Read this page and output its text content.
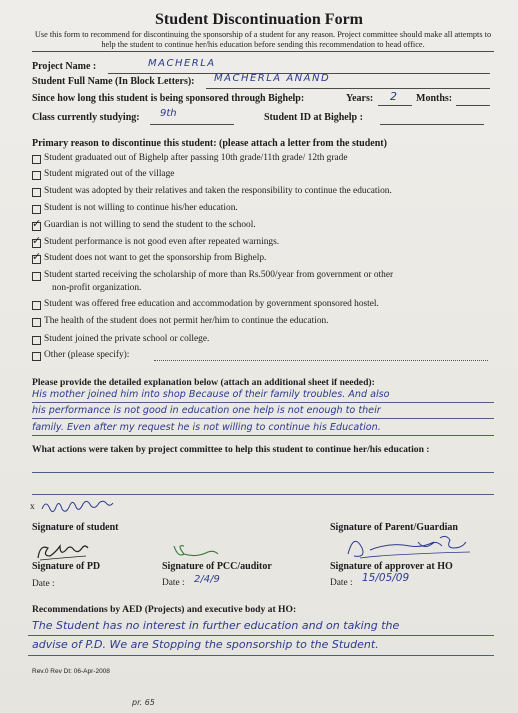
Student Discontinuation Form
Use this form to recommend for discontinuing the sponsorship of a student for any reason. Project committee should make all attempts to help the student to continue her/his education before sending this recommendation to head office.
Project Name :	MACHERLA
Student Full Name (In Block Letters): MACHERLA ANAND
Since how long this student is being sponsored through Bighelp:	Years: 2 Months:
Class currently studying: 9th	Student ID at Bighelp :
Primary reason to discontinue this student: (please attach a letter from the student)
Student graduated out of Bighelp after passing 10th grade/11th grade/ 12th grade
Student migrated out of the village
Student was adopted by their relatives and taken the responsibility to continue the education.
Student is not willing to continue his/her education.
✓ Guardian is not willing to send the student to the school.
✓ Student performance is not good even after repeated warnings.
✓ Student does not want to get the sponsorship from Bighelp.
Student started receiving the scholarship of more than Rs.500/year from government or other
Student was offered free education and accommodation by government sponsored hostel.
The health of the student does not permit her/him to continue the education.
Student joined the private school or college.
Other (please specify):
non-profit organization.
Please provide the detailed explanation below (attach an additional sheet if needed):
His mother joined him into shop Because of their family troubles. And also
his performance is not good in education one help is not enough to their
family. Even after my request he is not willing to continue his Education.
What actions were taken by project committee to help this student to continue her/his education :
x
Signature of student	Signature of Parent/Guardian
Signature of PD	Signature of PCC/auditor	Signature of approver at HO
Date :	Date : 2/4/9	Date : 15/05/09
Recommendations by AED (Projects) and executive body at HO:
The Student has no interest in further education and on taking the
advise of P.D. We are Stopping the sponsorship to the Student.
Rev.0 Rev Dt: 06-Apr-2008
pr. 65
